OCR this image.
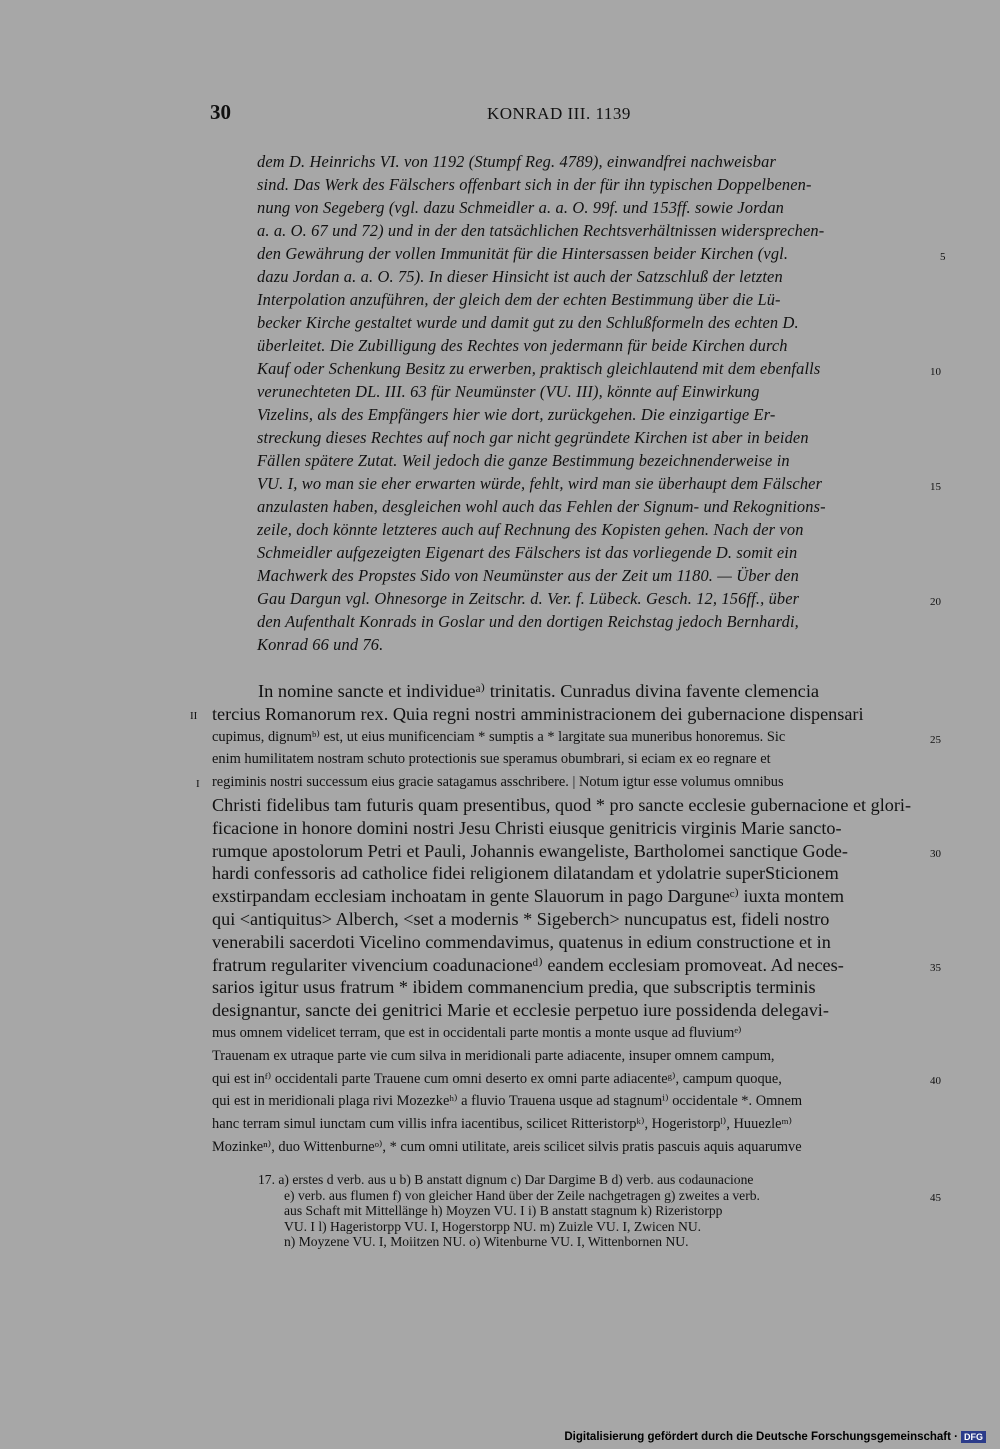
30	KONRAD III. 1139
dem D. Heinrichs VI. von 1192 (Stumpf Reg. 4789), einwandfrei nachweisbar
sind. Das Werk des Fälschers offenbart sich in der für ihn typischen Doppelbenen-
nung von Segeberg (vgl. dazu Schmeidler a. a. O. 99f. und 153ff. sowie Jordan
a. a. O. 67 und 72) und in der den tatsächlichen Rechtsverhältnissen widersprechen-
den Gewährung der vollen Immunität für die Hintersassen beider Kirchen (vgl.
dazu Jordan a. a. O. 75). In dieser Hinsicht ist auch der Satzschluß der letzten
Interpolation anzuführen, der gleich dem der echten Bestimmung über die Lü-
becker Kirche gestaltet wurde und damit gut zu den Schlußformeln des echten D.
überleitet. Die Zubilligung des Rechtes von jedermann für beide Kirchen durch
Kauf oder Schenkung Besitz zu erwerben, praktisch gleichlautend mit dem ebenfalls
verunechteten DL. III. 63 für Neumünster (VU. III), könnte auf Einwirkung
Vizelins, als des Empfängers hier wie dort, zurückgehen. Die einzigartige Er-
streckung dieses Rechtes auf noch gar nicht gegründete Kirchen ist aber in beiden
Fällen spätere Zutat. Weil jedoch die ganze Bestimmung bezeichnenderweise in
VU. I, wo man sie eher erwarten würde, fehlt, wird man sie überhaupt dem Fälscher
anzulasten haben, desgleichen wohl auch das Fehlen der Signum- und Rekognitions-
zeile, doch könnte letzteres auch auf Rechnung des Kopisten gehen. Nach der von
Schmeidler aufgezeigten Eigenart des Fälschers ist das vorliegende D. somit ein
Machwerk des Propstes Sido von Neumünster aus der Zeit um 1180. — Über den
Gau Dargun vgl. Ohnesorge in Zeitschr. d. Ver. f. Lübeck. Gesch. 12, 156ff., über
den Aufenthalt Konrads in Goslar und den dortigen Reichstag jedoch Bernhardi,
Konrad 66 und 76.
5
10
15
20
In nomine sancte et individueᵃ⁾ trinitatis. Cunradus divina favente clemencia
tercius Romanorum rex. Quia regni nostri amministracionem dei gubernacione dispensari
cupimus, dignumᵇ⁾ est, ut eius munificenciam * sumptis a * largitate sua muneribus honoremus. Sic
enim humilitatem nostram schuto protectionis sue speramus obumbrari, si eciam ex eo regnare et
regiminis nostri successum eius gracie satagamus asschribere. | Notum igtur esse volumus omnibus
Christi fidelibus tam futuris quam presentibus, quod * pro sancte ecclesie gubernacione et glori-
ficacione in honore domini nostri Jesu Christi eiusque genitricis virginis Marie sancto-
rumque apostolorum Petri et Pauli, Johannis ewangeliste, Bartholomei sanctique Gode-
hardi confessoris ad catholice fidei religionem dilatandam et ydolatrie superSticionem
exstirpandam ecclesiam inchoatam in gente Slauorum in pago Darguneᶜ⁾ iuxta montem
qui <antiquitus> Alberch, <set a modernis * Sigeberch> nuncupatus est, fideli nostro
venerabili sacerdoti Vicelino commendavimus, quatenus in edium constructione et in
fratrum regulariter vivencium coadunacioneᵈ⁾ eandem ecclesiam promoveat. Ad neces-
sarios igitur usus fratrum * ibidem commanencium predia, que subscriptis terminis
designantur, sancte dei genitrici Marie et ecclesie perpetuo iure possidenda delegavi-
mus omnem videlicet terram, que est in occidentali parte montis a monte usque ad fluviumᵉ⁾
Trauenam ex utraque parte vie cum silva in meridionali parte adiacente, insuper omnem campum,
qui est inᶠ⁾ occidentali parte Trauene cum omni deserto ex omni parte adiacenteᵍ⁾, campum quoque,
qui est in meridionali plaga rivi Mozezkeʰ⁾ a fluvio Trauena usque ad stagnumⁱ⁾ occidentale *. Omnem
hanc terram simul iunctam cum villis infra iacentibus, scilicet Ritteristorpᵏ⁾, Hogeristorpˡ⁾, Huuezleᵐ⁾
Mozinkeⁿ⁾, duo Wittenburneᵒ⁾, * cum omni utilitate, areis scilicet silvis pratis pascuis aquis aquarumve
II
I
25
30
35
40
17. a) erstes d verb. aus u b) B anstatt dignum c) Dar Dargime B d) verb. aus codaunacione
e) verb. aus flumen f) von gleicher Hand über der Zeile nachgetragen g) zweites a verb.
aus Schaft mit Mittellänge h) Moyzen VU. I i) B anstatt stagnum k) Rizeristorpp
VU. I l) Hageristorpp VU. I, Hogerstorpp NU. m) Zuizle VU. I, Zwicen NU.
n) Moyzene VU. I, Moiitzen NU. o) Witenburne VU. I, Wittenbornen NU.
45
Digitalisierung gefördert durch die Deutsche Forschungsgemeinschaft · DFG
